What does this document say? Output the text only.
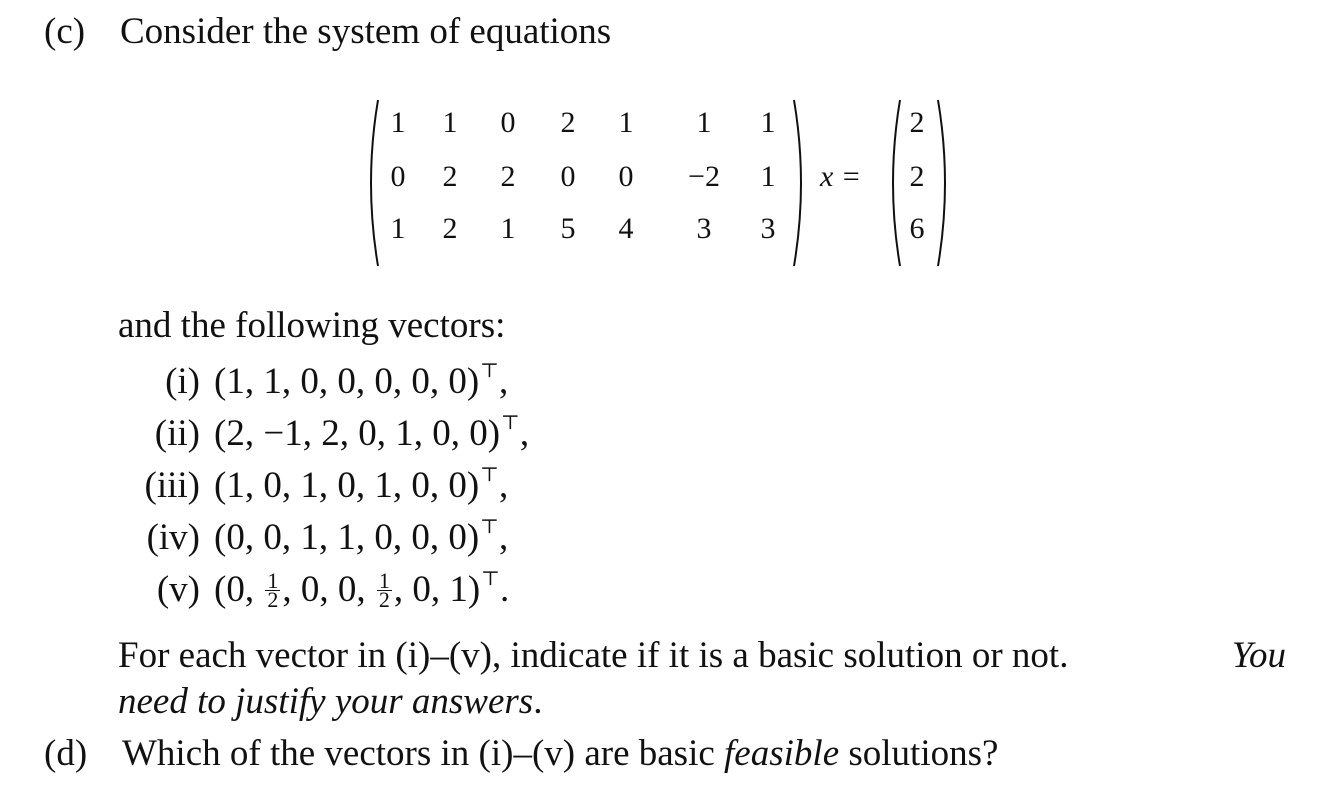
(c) Consider the system of equations
1	1	0	2	1	1	1
0	2	2	0	0	−2	1
1	2	1	5	4	3	3
x =
2
2
6
and the following vectors:
(i) (1, 1, 0, 0, 0, 0, 0)⊤,
(ii) (2, −1, 2, 0, 1, 0, 0)⊤,
(iii) (1, 0, 1, 0, 1, 0, 0)⊤,
(iv) (0, 0, 1, 1, 0, 0, 0)⊤,
(v) (0, $\frac{1}{2}$ , 0, 0, $\frac{1}{2}$ , 0, 1)⊤.
For each vector in (i)–(v), indicate if it is a basic solution or not.	You
need to justify your answers.
(d) Which of the vectors in (i)–(v) are basic feasible solutions?
